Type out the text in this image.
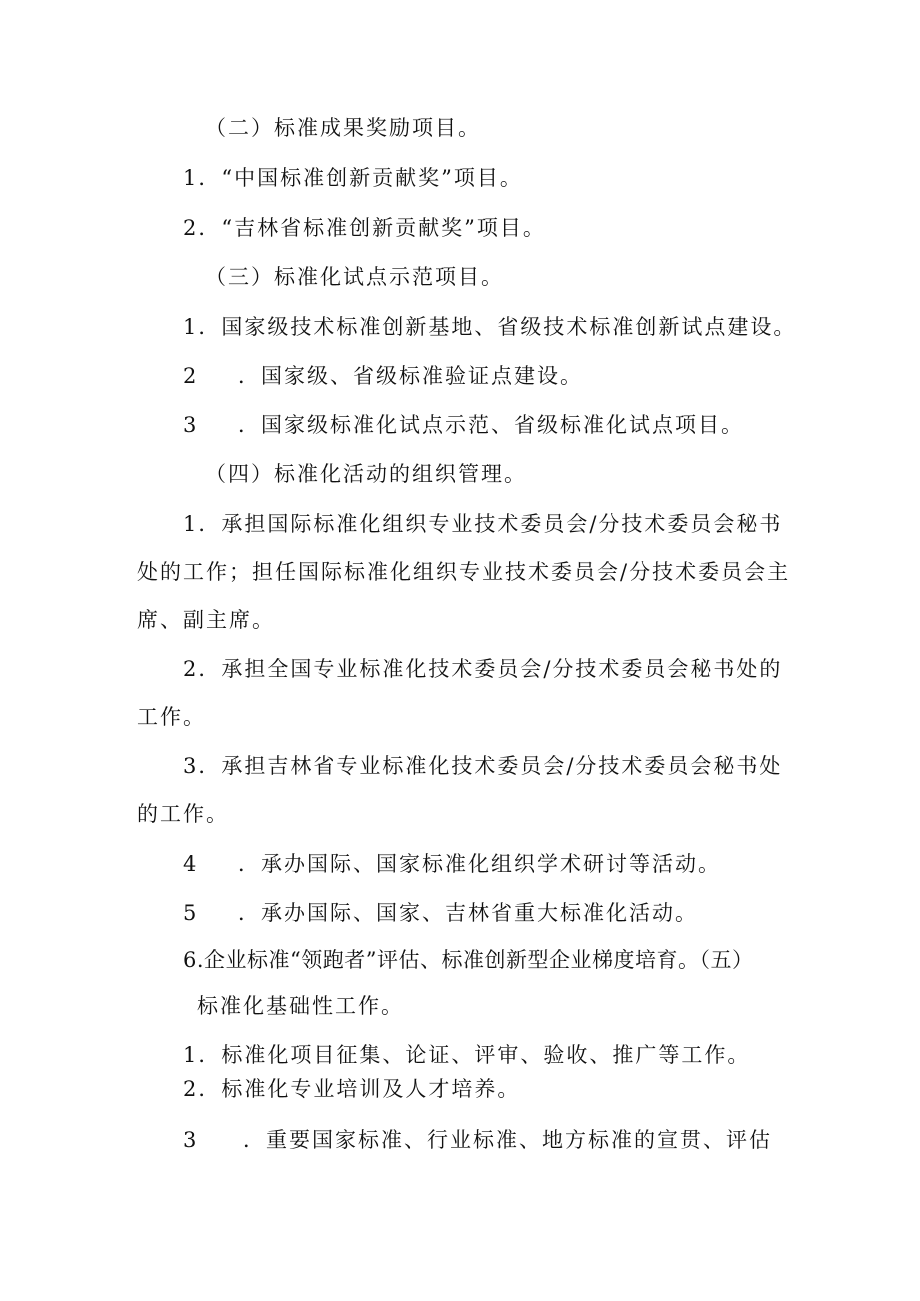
（二）标准成果奖励项目。
1．“中国标准创新贡献奖”项目。
2．“吉林省标准创新贡献奖”项目。
（三）标准化试点示范项目。
1．国家级技术标准创新基地、省级技术标准创新试点建设。
2 ．国家级、省级标准验证点建设。
3 ．国家级标准化试点示范、省级标准化试点项目。
（四）标准化活动的组织管理。
1．承担国际标准化组织专业技术委员会/分技术委员会秘书
处的工作；担任国际标准化组织专业技术委员会/分技术委员会主
席、副主席。
2．承担全国专业标准化技术委员会/分技术委员会秘书处的
工作。
3．承担吉林省专业标准化技术委员会/分技术委员会秘书处
的工作。
4 ．承办国际、国家标准化组织学术研讨等活动。
5 ．承办国际、国家、吉林省重大标准化活动。
6.企业标准“领跑者”评估、标准创新型企业梯度培育。（五）
标准化基础性工作。
1．标准化项目征集、论证、评审、验收、推广等工作。
2．标准化专业培训及人才培养。
3 ．重要国家标准、行业标准、地方标准的宣贯、评估
